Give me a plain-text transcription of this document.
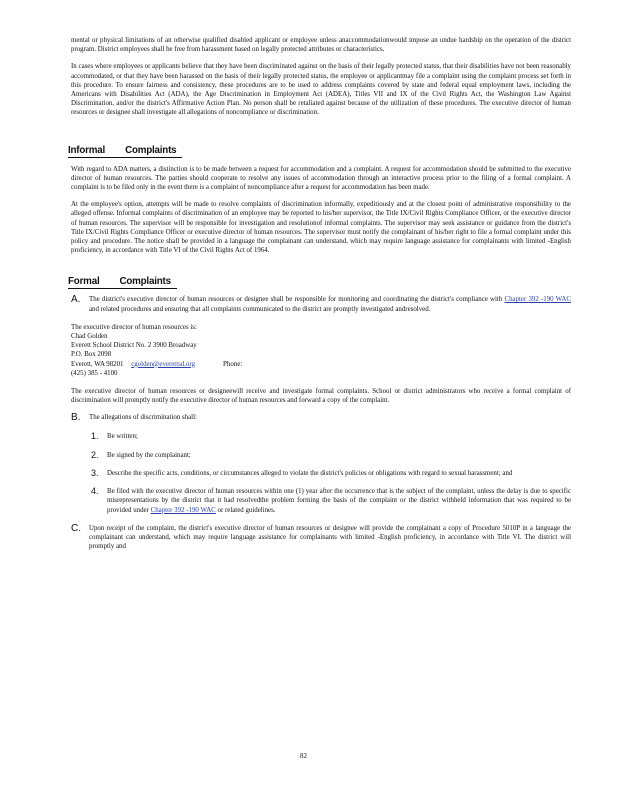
mental or physical limitations of an otherwise qualified disabled applicant or employee unless anaccommodationwould impose an undue hardship on the operation of the district program. District employees shall be free from harassment based on legally protected attributes or characteristics.

In cases where employees or applicants believe that they have been discriminated against on the basis of their legally protected status, that their disabilities have not been reasonably accommodated, or that they have been harassed on the basis of their legally protected status, the employee or applicantmay file a complaint using the complaint process set forth in this procedure. To ensure fairness and consistency, these procedures are to be used to address complaints covered by state and federal equal employment laws, including the Americans with Disabilities Act (ADA), the Age Discrimination in Employment Act (ADEA), Titles VII and IX of the Civil Rights Act, the Washington Law Against Discrimination, and/or the district's Affirmative Action Plan. No person shall be retaliated against because of the utilization of these procedures. The executive director of human resources or designee shall investigate all allegations of noncompliance or discrimination.

Informal Complaints

With regard to ADA matters, a distinction is to be made between a request for accommodation and a complaint. A request for accommodation should be submitted to the executive director of human resources. The parties should cooperate to resolve any issues of accommodation through an interactive process prior to the filing of a formal complaint. A complaint is to be filed only in the event there is a complaint of noncompliance after a request for accommodation has been made.

At the employee's option, attempts will be made to resolve complaints of discrimination informally, expeditiously and at the closest point of administrative responsibility to the alleged offense. Informal complaints of discrimination of an employee may be reported to his/her supervisor, the Title IX/Civil Rights Compliance Officer, or the executive director of human resources. The supervisor will be responsible for investigation and resolutionof informal complaints. The supervisor may seek assistance or guidance from the district's Title IX/Civil Rights Compliance Officer or executive director of human resources. The supervisor must notify the complainant of his/her right to file a formal complaint under this policy and procedure. The notice shall be provided in a language the complainant can understand, which may require language assistance for complainants with limited -English proficiency, in accordance with Title VI of the Civil Rights Act of 1964.

Formal Complaints
A.	The district's executive director of human resources or designee shall be responsible for monitoring and coordinating the district's compliance with Chapter 392 -190 WAC and related procedures and ensuring that all complaints communicated to the district are promptly investigated andresolved.

The executive director of human resources is:

Chad Golden

Everett School District No. 2 3900 Broadway

P.O. Box 2098

Everett, WA 98201 cgolden@everettsd.org	Phone:

(425) 385 - 4100

The executive director of human resources or designeewill receive and investigate formal complaints. School or district administrators who receive a formal complaint of discrimination will promptly notify the executive director of human resources and forward a copy of the complaint.

B.	The allegations of discrimination shall:

1.	Be written;

2.	Be signed by the complainant;

3.	Describe the specific acts, conditions, or circumstances alleged to violate the district's policies or obligations with regard to sexual harassment; and

4.	Be filed with the executive director of human resources within one (1) year after the occurrence that is the subject of the complaint, unless the delay is due to specific misrepresentations by the district that it had resolvedthe problem forming the basis of the complaint or the district withheld information that was required to be provided under Chapter 392 -190 WAC or related guidelines.

C.	Upon receipt of the complaint, the district's executive director of human resources or designee will provide the complainant a copy of Procedure 5010P in a language the complainant can understand, which may require language assistance for complainants with limited -English proficiency, in accordance with Title VI. The district will promptly and

82
